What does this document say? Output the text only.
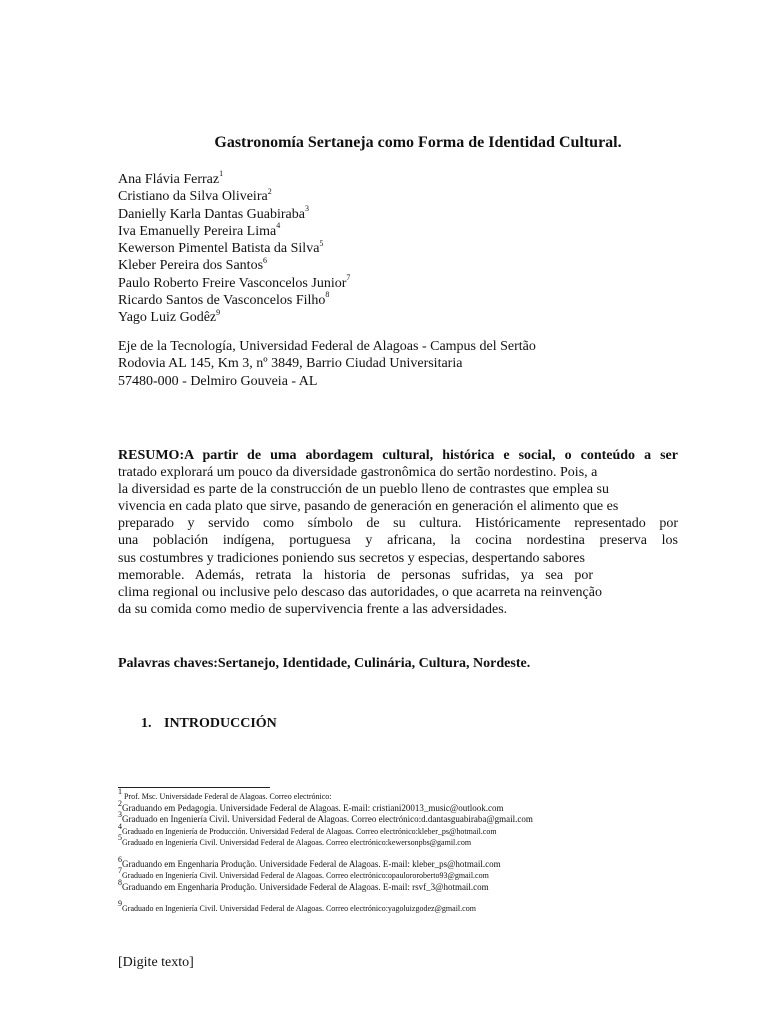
Gastronomía Sertaneja como Forma de Identidad Cultural.
Ana Flávia Ferraz$^1$
Cristiano da Silva Oliveira$^2$
Danielly Karla Dantas Guabiraba$^3$
Iva Emanuelly Pereira Lima$^4$
Kewerson Pimentel Batista da Silva$^5$
Kleber Pereira dos Santos$^6$
Paulo Roberto Freire Vasconcelos Junior$^7$
Ricardo Santos de Vasconcelos Filho$^8$
Yago Luiz Godêz$^9$
Eje de la Tecnología, Universidad Federal de Alagoas - Campus del Sertão
Rodovia AL 145, Km 3, nº 3849, Barrio Ciudad Universitaria
57480-000 - Delmiro Gouveia - AL
RESUMO:A partir de uma abordagem cultural, histórica e social, o conteúdo a ser
tratado explorará um pouco da diversidade gastronômica do sertão nordestino. Pois, a
la diversidad es parte de la construcción de un pueblo lleno de contrastes que emplea su
vivencia en cada plato que sirve, pasando de generación en generación el alimento que es
preparado y servido como símbolo de su cultura. Históricamente representado por
una población indígena, portuguesa y africana, la cocina nordestina preserva los
sus costumbres y tradiciones poniendo sus secretos y especias, despertando sabores
memorable. Además, retrata la historia de personas sufridas, ya sea por
clima regional ou inclusive pelo descaso das autoridades, o que acarreta na reinvenção
da su comida como medio de supervivencia frente a las adversidades.
Palavras chaves:Sertanejo, Identidade, Culinária, Cultura, Nordeste.
1. INTRODUCCIÓN
$^1$ Prof. Msc. Universidade Federal de Alagoas. Correo electrónico:
$^2$Graduando em Pedagogia. Universidade Federal de Alagoas. E-mail: cristiani20013_music@outlook.com
$^3$Graduado en Ingeniería Civil. Universidad Federal de Alagoas. Correo electrónico:d.dantasguabiraba@gmail.com
$^4$Graduado en Ingeniería de Producción. Universidad Federal de Alagoas. Correo electrónico:kleber_ps@hotmail.com
$^5$Graduado en Ingeniería Civil. Universidad Federal de Alagoas. Correo electrónico:kewersonpbs@gamil.com
$^6$Graduando em Engenharia Produção. Universidade Federal de Alagoas. E-mail: kleber_ps@hotmail.com
$^7$Graduado en Ingeniería Civil. Universidad Federal de Alagoas. Correo electrónico:opaulororoberto93@gmail.com
$^8$Graduando em Engenharia Produção. Universidade Federal de Alagoas. E-mail: rsvf_3@hotmail.com
$^9$Graduado en Ingeniería Civil. Universidad Federal de Alagoas. Correo electrónico:yagoluizgodez@gmail.com
[Digite texto]
